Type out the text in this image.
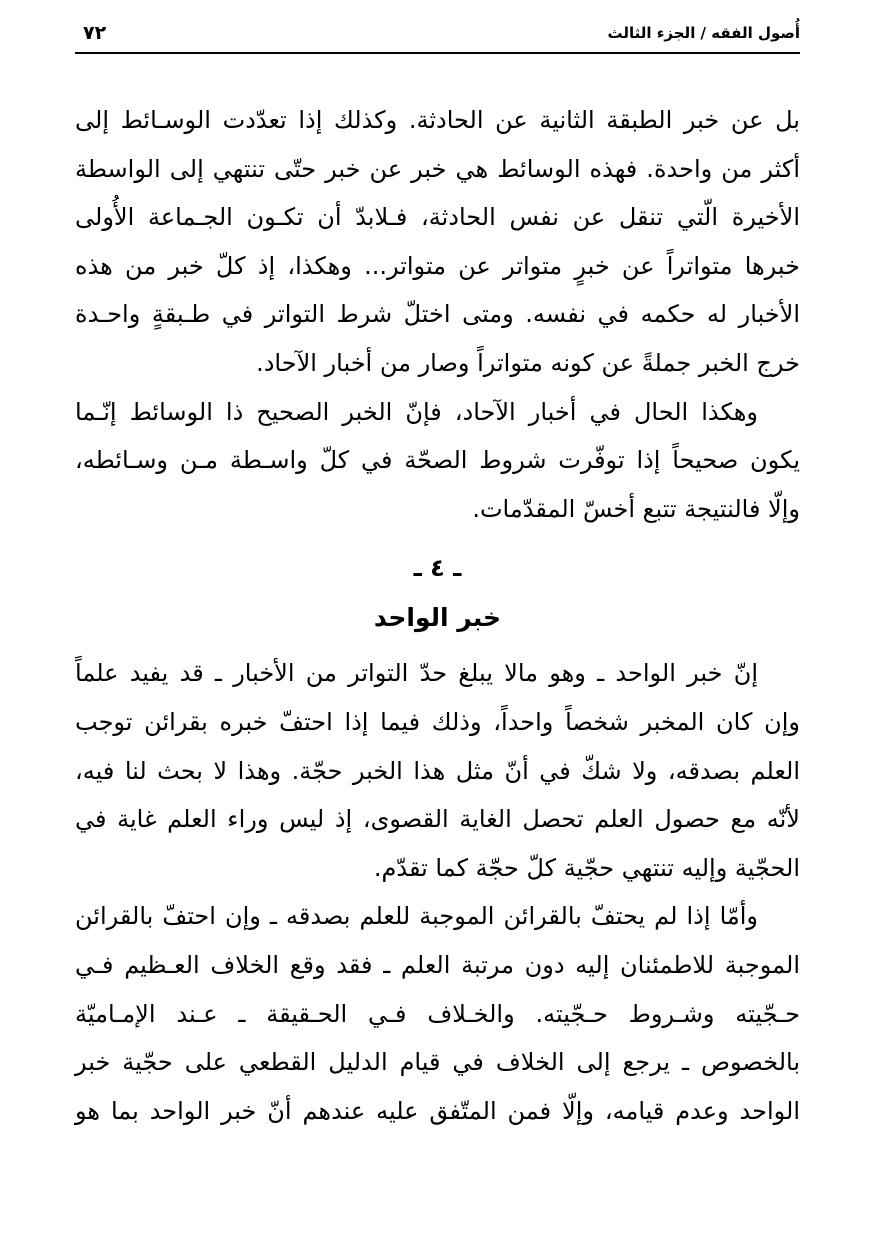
٧٢	أُصول الفقه / الجزء الثالث
بل عن خبر الطبقة الثانية عن الحادثة. وكذلك إذا تعدّدت الوسـائط إلى
أكثر من واحدة. فهذه الوسائط هي خبر عن خبر حتّى تنتهي إلى الواسطة
الأخيرة الّتي تنقل عن نفس الحادثة، فـلابدّ أن تكـون الجـماعة الأُولى
خبرها متواتراً عن خبرٍ متواتر عن متواتر... وهكذا، إذ كلّ خبر من هذه
الأخبار له حكمه في نفسه. ومتى اختلّ شرط التواتر في طـبقةٍ واحـدة
خرج الخبر جملةً عن كونه متواتراً وصار من أخبار الآحاد.
وهكذا الحال في أخبار الآحاد، فإنّ الخبر الصحيح ذا الوسائط إنّـما
يكون صحيحاً إذا توفّرت شروط الصحّة في كلّ واسـطة مـن وسـائطه،
وإلّا فالنتيجة تتبع أخسّ المقدّمات.
ـ ٤ ـ
خبر الواحد
إنّ خبر الواحد ـ وهو مالا يبلغ حدّ التواتر من الأخبار ـ قد يفيد علماً
وإن كان المخبر شخصاً واحداً، وذلك فيما إذا احتفّ خبره بقرائن توجب
العلم بصدقه، ولا شكّ في أنّ مثل هذا الخبر حجّة. وهذا لا بحث لنا فيه،
لأنّه مع حصول العلم تحصل الغاية القصوى، إذ ليس وراء العلم غاية في
الحجّية وإليه تنتهي حجّية كلّ حجّة كما تقدّم.
وأمّا إذا لم يحتفّ بالقرائن الموجبة للعلم بصدقه ـ وإن احتفّ بالقرائن
الموجبة للاطمئنان إليه دون مرتبة العلم ـ فقد وقع الخلاف العـظيم فـي
حـجّيته وشـروط حـجّيته. والخـلاف فـي الحـقيقة ـ عـند الإمـاميّة
بالخصوص ـ يرجع إلى الخلاف في قيام الدليل القطعي على حجّية خبر
الواحد وعدم قيامه، وإلّا فمن المتّفق عليه عندهم أنّ خبر الواحد بما هو
